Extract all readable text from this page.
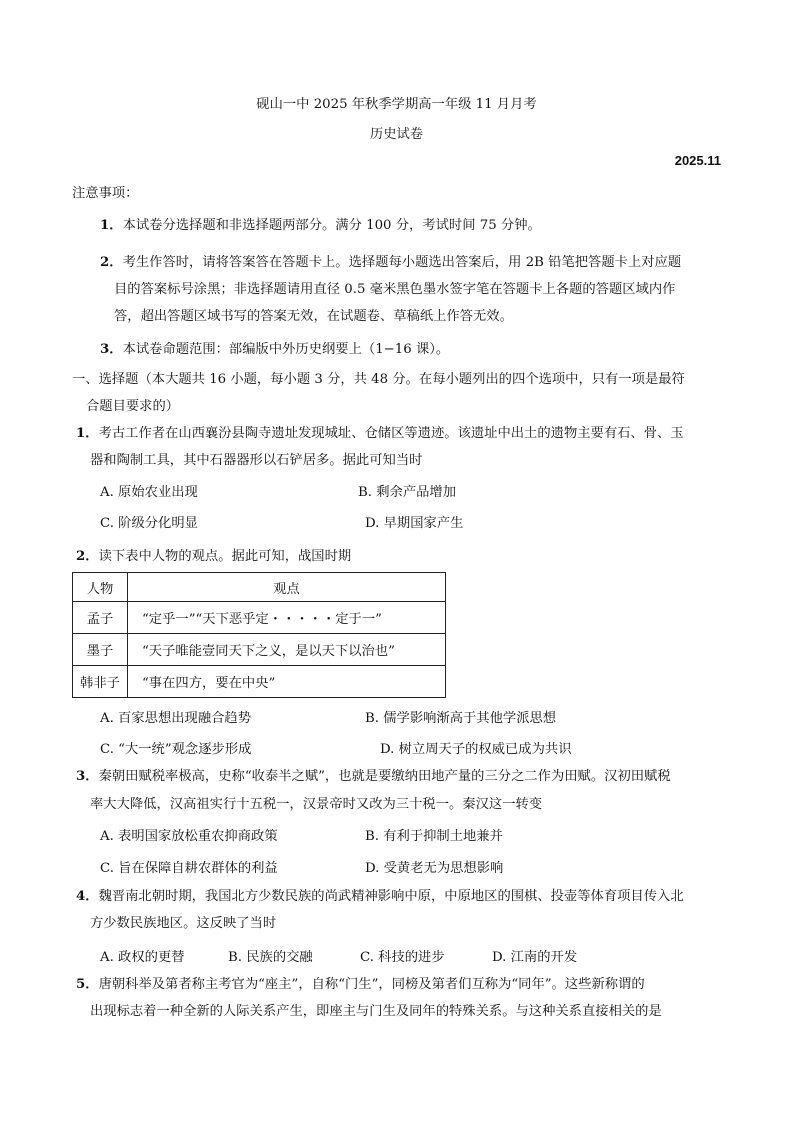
砚山一中 2025 年秋季学期高一年级 11 月月考
历史试卷
2025.11
注意事项：
1．本试卷分选择题和非选择题两部分。满分 100 分，考试时间 75 分钟。
2．考生作答时，请将答案答在答题卡上。选择题每小题选出答案后，用 2B 铅笔把答题卡上对应题
目的答案标号涂黑；非选择题请用直径 0.5 毫米黑色墨水签字笔在答题卡上各题的答题区域内作
答，超出答题区域书写的答案无效，在试题卷、草稿纸上作答无效。
3．本试卷命题范围：部编版中外历史纲要上（1−16 课）。
一、选择题（本大题共 16 小题，每小题 3 分，共 48 分。在每小题列出的四个选项中，只有一项是最符
合题目要求的）
1．考古工作者在山西襄汾县陶寺遗址发现城址、仓储区等遗迹。该遗址中出土的遗物主要有石、骨、玉
器和陶制工具，其中石器器形以石铲居多。据此可知当时
A. 原始农业出现	B. 剩余产品增加
C. 阶级分化明显	D. 早期国家产生
2．读下表中人物的观点。据此可知，战国时期
人物	观点
孟子	“定乎一”“天下恶乎定・・・・・定于一”
墨子	“天子唯能壹同天下之义，是以天下以治也”
韩非子	“事在四方，要在中央”
A. 百家思想出现融合趋势	B. 儒学影响渐高于其他学派思想
C. “大一统”观念逐步形成	D. 树立周天子的权威已成为共识
3．秦朝田赋税率极高，史称“收泰半之赋”，也就是要缴纳田地产量的三分之二作为田赋。汉初田赋税
率大大降低，汉高祖实行十五税一，汉景帝时又改为三十税一。秦汉这一转变
A. 表明国家放松重农抑商政策	B. 有利于抑制土地兼并
C. 旨在保障自耕农群体的利益	D. 受黄老无为思想影响
4．魏晋南北朝时期，我国北方少数民族的尚武精神影响中原，中原地区的围棋、投壶等体育项目传入北
方少数民族地区。这反映了当时
A. 政权的更替	B. 民族的交融	C. 科技的进步	D. 江南的开发
5．唐朝科举及第者称主考官为“座主”，自称“门生”，同榜及第者们互称为“同年”。这些新称谓的
出现标志着一种全新的人际关系产生，即座主与门生及同年的特殊关系。与这种关系直接相关的是
